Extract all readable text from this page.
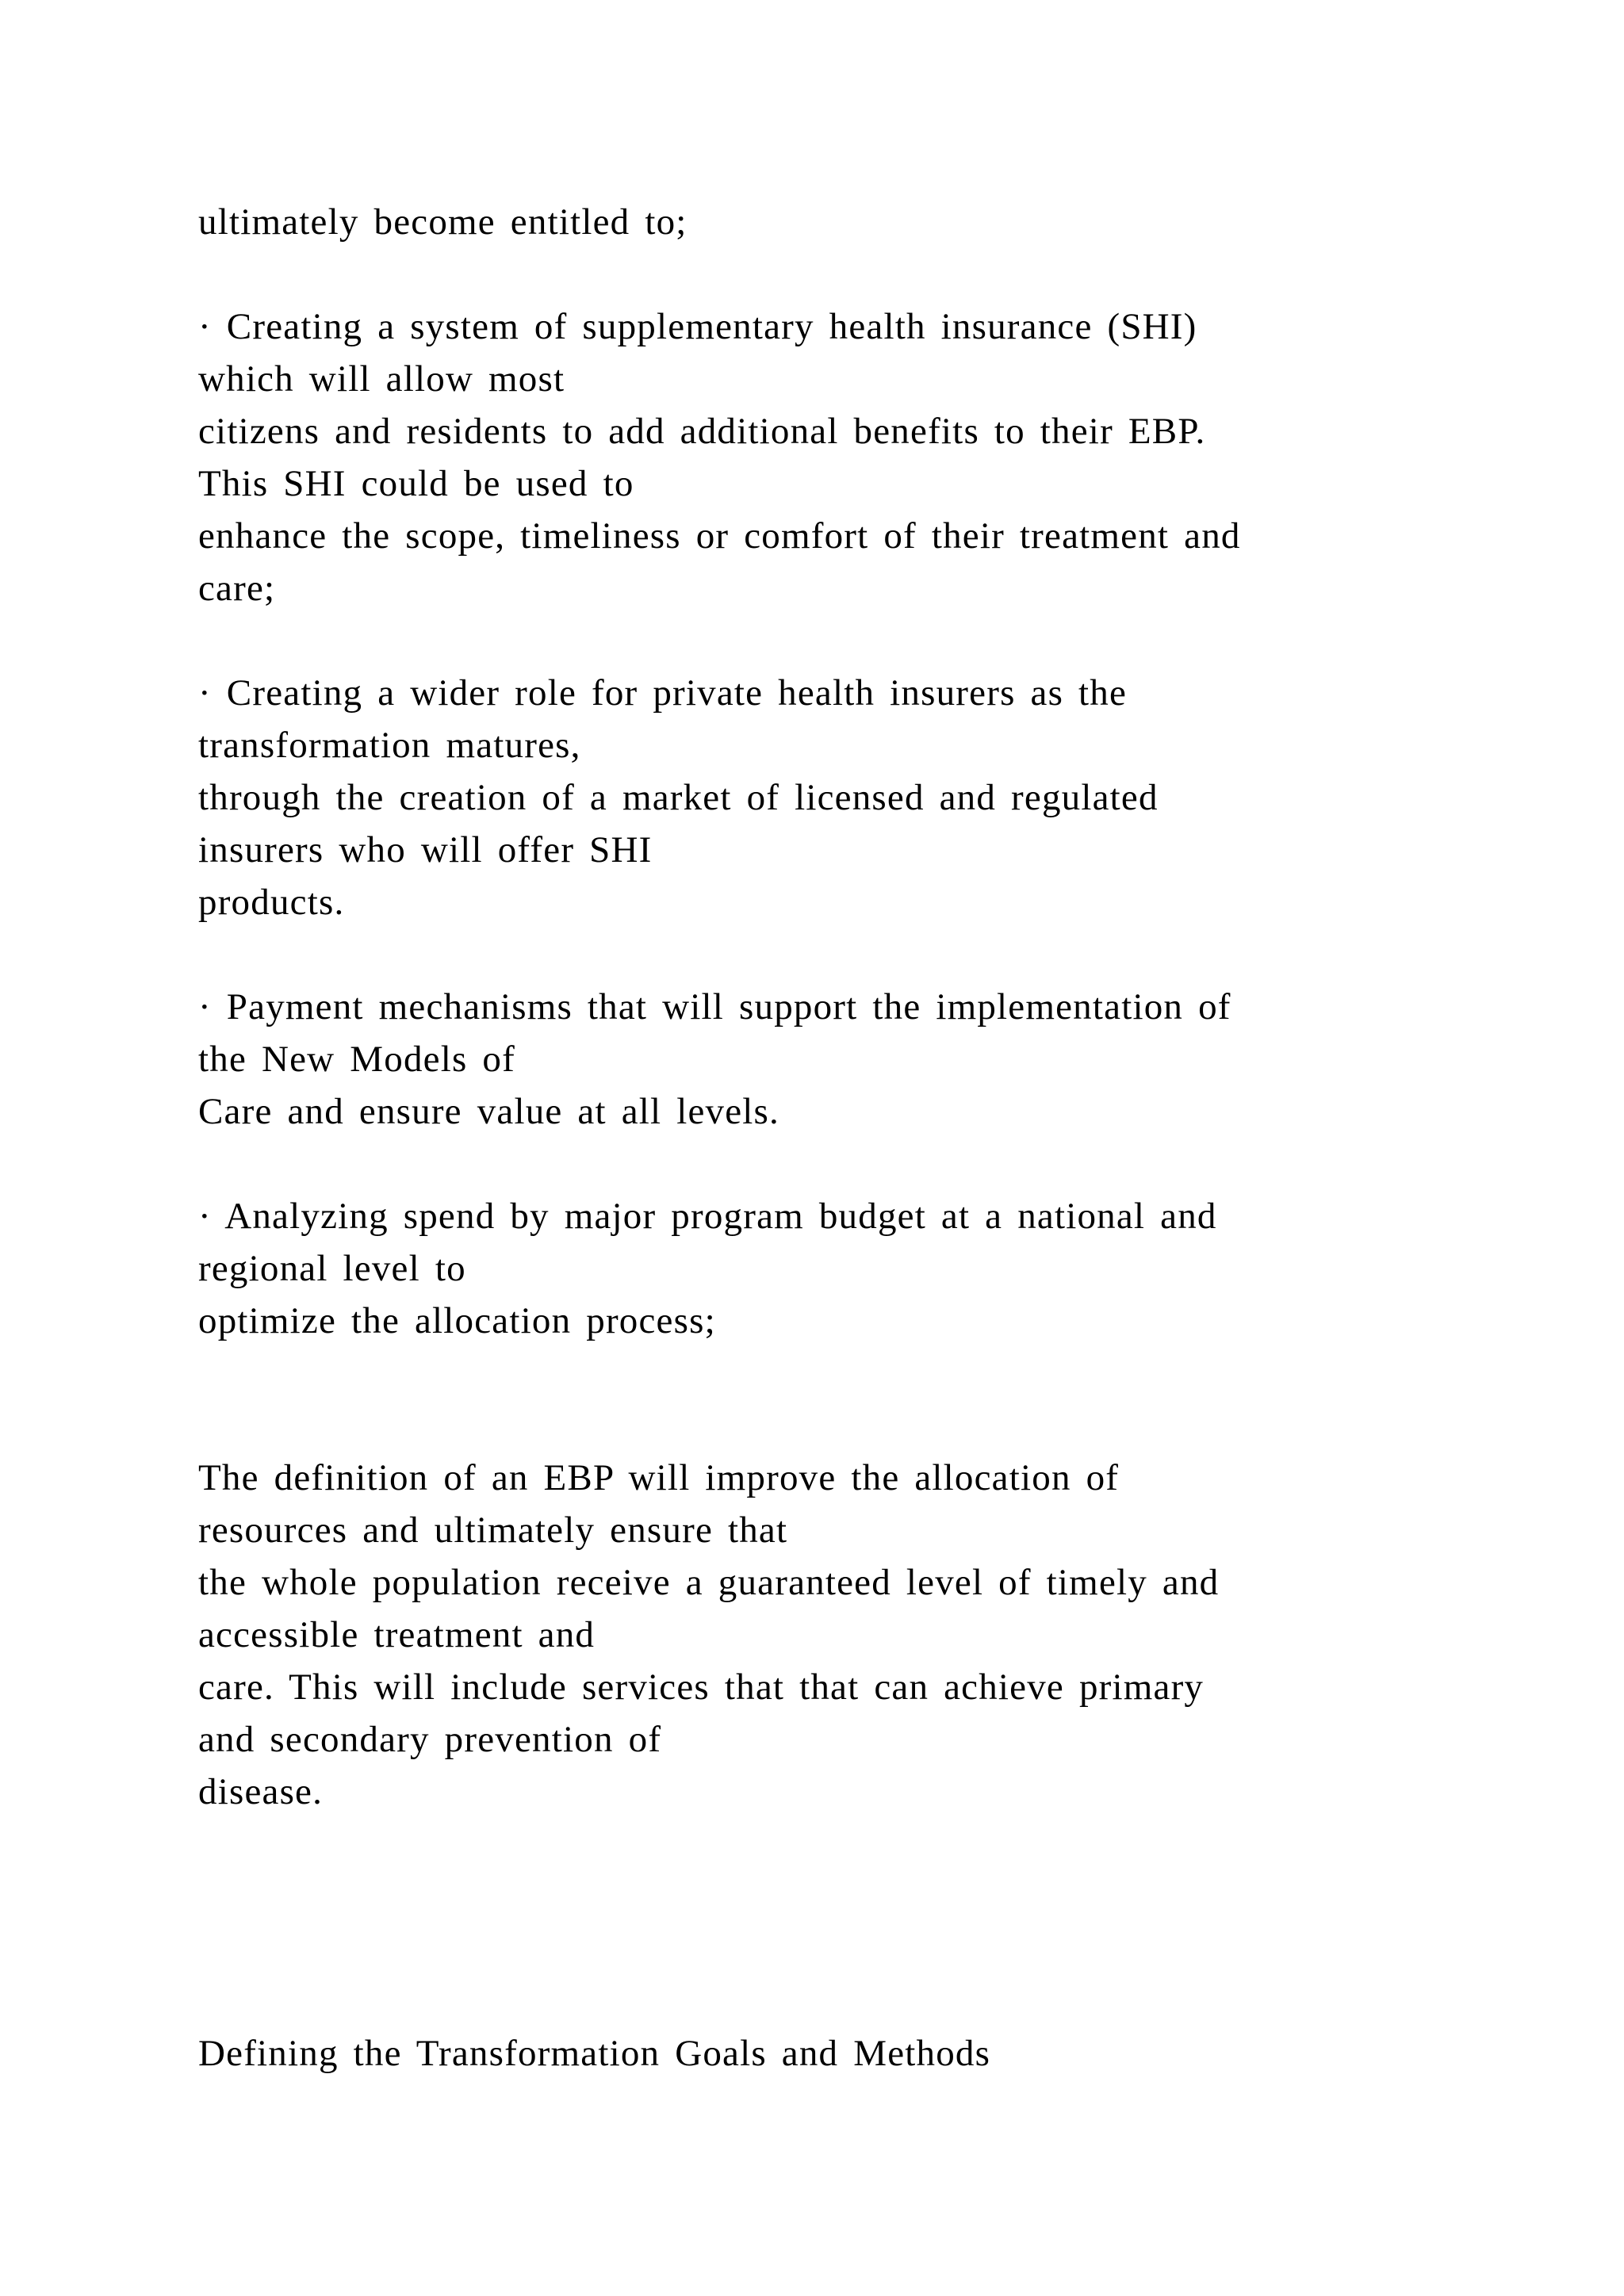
ultimately become entitled to;

· Creating a system of supplementary health insurance (SHI)

which will allow most

citizens and residents to add additional benefits to their EBP.

This SHI could be used to

enhance the scope, timeliness or comfort of their treatment and

care;

· Creating a wider role for private health insurers as the

transformation matures,

through the creation of a market of licensed and regulated

insurers who will offer SHI

products.

· Payment mechanisms that will support the implementation of

the New Models of

Care and ensure value at all levels.

· Analyzing spend by major program budget at a national and

regional level to

optimize the allocation process;

The definition of an EBP will improve the allocation of

resources and ultimately ensure that

the whole population receive a guaranteed level of timely and

accessible treatment and

care. This will include services that that can achieve primary

and secondary prevention of

disease.

Defining the Transformation Goals and Methods
